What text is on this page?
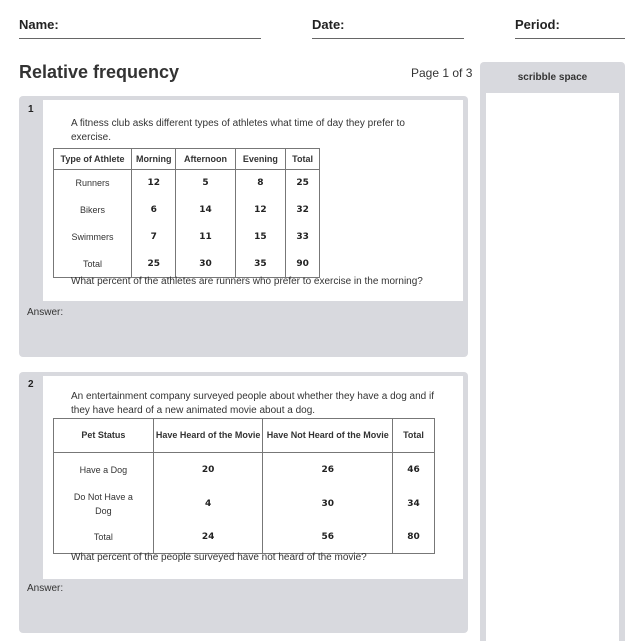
Name:	Date:	Period:
Relative frequency	Page 1 of 3	scribble space
1
A fitness club asks different types of athletes what time of day they prefer to exercise.
Type of Athlete	Morning	Afternoon	Evening	Total
Runners	12	5	8	25
Bikers	6	14	12	32
Swimmers	7	11	15	33
Total	25	30	35	90
What percent of the athletes are runners who prefer to exercise in the morning?
Answer:
2
An entertainment company surveyed people about whether they have a dog and if they have heard of a new animated movie about a dog.
Pet Status	Have Heard of the Movie	Have Not Heard of the Movie	Total
Have a Dog	20	26	46
Do Not Have a Dog	4	30	34
Total	24	56	80
What percent of the people surveyed have not heard of the movie?
Answer:
